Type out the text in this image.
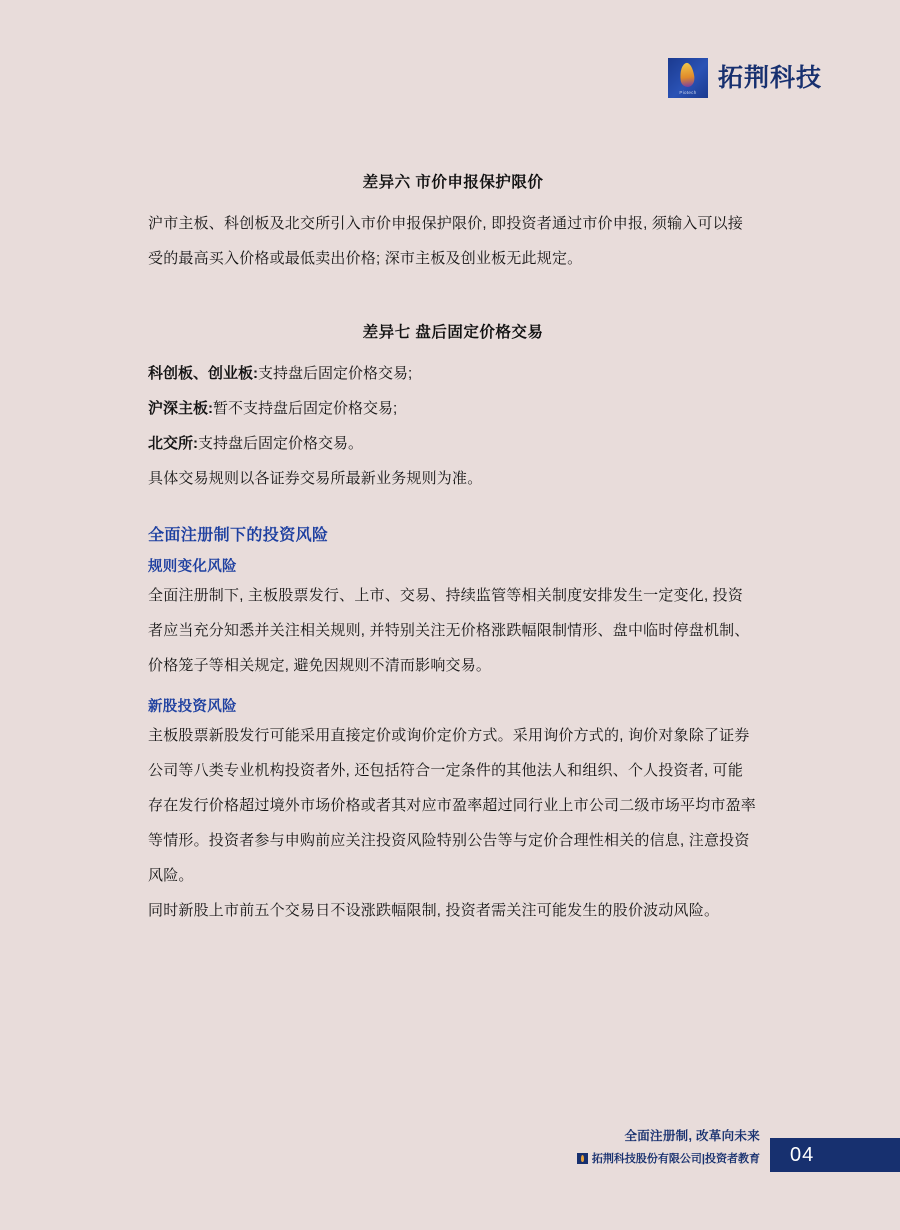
Piotech
拓荆科技
差异六 市价申报保护限价

沪市主板、科创板及北交所引入市价申报保护限价, 即投资者通过市价申报, 须输入可以接受的最高买入价格或最低卖出价格; 深市主板及创业板无此规定。

差异七 盘后固定价格交易
科创板、创业板:支持盘后固定价格交易;
沪深主板:暂不支持盘后固定价格交易;
北交所:支持盘后固定价格交易。

具体交易规则以各证券交易所最新业务规则为准。

全面注册制下的投资风险
规则变化风险

全面注册制下, 主板股票发行、上市、交易、持续监管等相关制度安排发生一定变化, 投资者应当充分知悉并关注相关规则, 并特别关注无价格涨跌幅限制情形、盘中临时停盘机制、价格笼子等相关规定, 避免因规则不清而影响交易。

新股投资风险

主板股票新股发行可能采用直接定价或询价定价方式。采用询价方式的, 询价对象除了证券公司等八类专业机构投资者外, 还包括符合一定条件的其他法人和组织、个人投资者, 可能存在发行价格超过境外市场价格或者其对应市盈率超过同行业上市公司二级市场平均市盈率等情形。投资者参与申购前应关注投资风险特别公告等与定价合理性相关的信息, 注意投资风险。

同时新股上市前五个交易日不设涨跌幅限制, 投资者需关注可能发生的股价波动风险。

全面注册制, 改革向未来
拓荆科技股份有限公司|投资者教育	04
